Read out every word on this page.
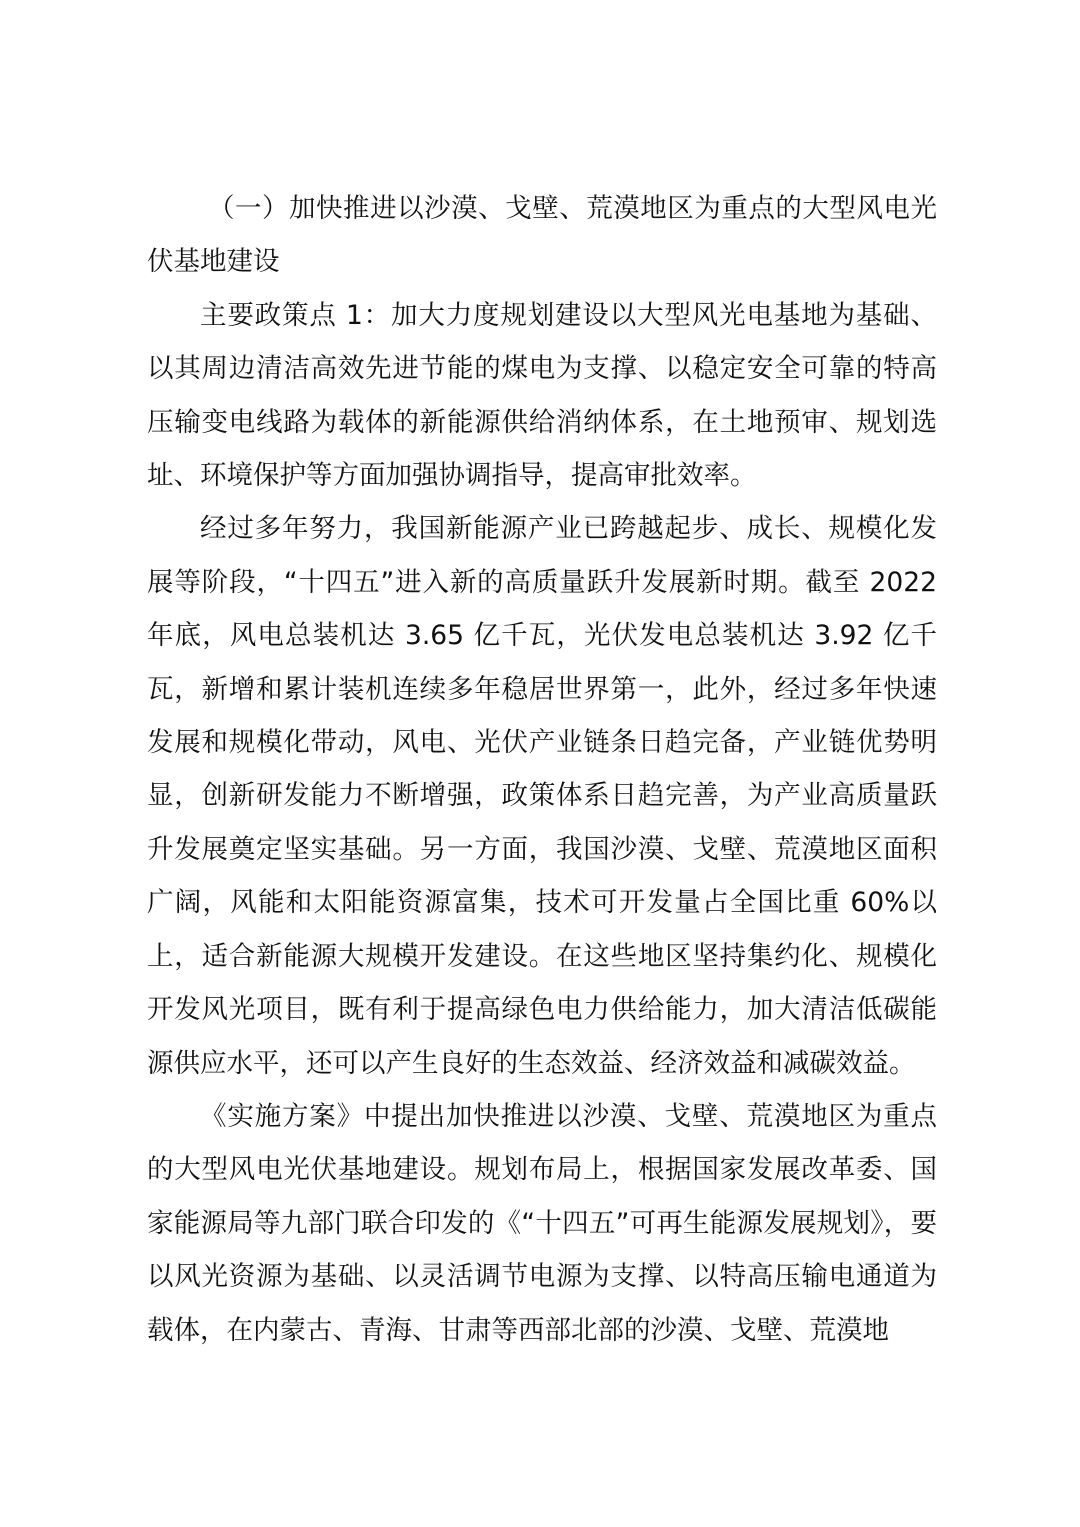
（一）加快推进以沙漠、戈壁、荒漠地区为重点的大型风电光伏基地建设

主要政策点 1：加大力度规划建设以大型风光电基地为基础、以其周边清洁高效先进节能的煤电为支撑、以稳定安全可靠的特高压输变电线路为载体的新能源供给消纳体系，在土地预审、规划选址、环境保护等方面加强协调指导，提高审批效率。

经过多年努力，我国新能源产业已跨越起步、成长、规模化发展等阶段，“十四五”进入新的高质量跃升发展新时期。截至 2022 年底，风电总装机达 3.65 亿千瓦，光伏发电总装机达 3.92 亿千瓦，新增和累计装机连续多年稳居世界第一，此外，经过多年快速发展和规模化带动，风电、光伏产业链条日趋完备，产业链优势明显，创新研发能力不断增强，政策体系日趋完善，为产业高质量跃升发展奠定坚实基础。另一方面，我国沙漠、戈壁、荒漠地区面积广阔，风能和太阳能资源富集，技术可开发量占全国比重 60%以上，适合新能源大规模开发建设。在这些地区坚持集约化、规模化开发风光项目，既有利于提高绿色电力供给能力，加大清洁低碳能源供应水平，还可以产生良好的生态效益、经济效益和减碳效益。

《实施方案》中提出加快推进以沙漠、戈壁、荒漠地区为重点的大型风电光伏基地建设。规划布局上，根据国家发展改革委、国家能源局等九部门联合印发的《“十四五”可再生能源发展规划》，要以风光资源为基础、以灵活调节电源为支撑、以特高压输电通道为载体，在内蒙古、青海、甘肃等西部北部的沙漠、戈壁、荒漠地
